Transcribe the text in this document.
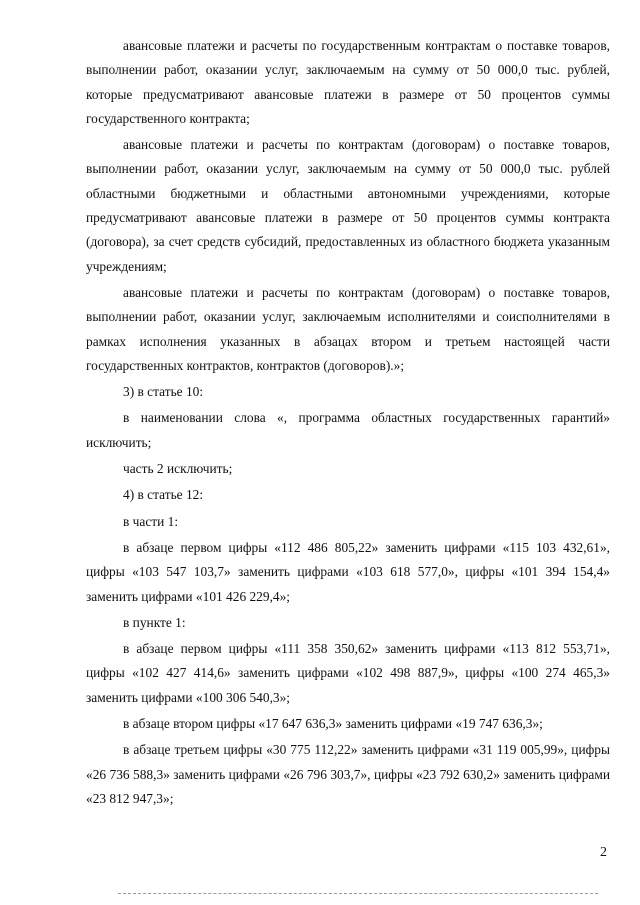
авансовые платежи и расчеты по государственным контрактам о поставке товаров, выполнении работ, оказании услуг, заключаемым на сумму от 50 000,0 тыс. рублей, которые предусматривают авансовые платежи в размере от 50 процентов суммы государственного контракта;

авансовые платежи и расчеты по контрактам (договорам) о поставке товаров, выполнении работ, оказании услуг, заключаемым на сумму от 50 000,0 тыс. рублей областными бюджетными и областными автономными учреждениями, которые предусматривают авансовые платежи в размере от 50 процентов суммы контракта (договора), за счет средств субсидий, предоставленных из областного бюджета указанным учреждениям;

авансовые платежи и расчеты по контрактам (договорам) о поставке товаров, выполнении работ, оказании услуг, заключаемым исполнителями и соисполнителями в рамках исполнения указанных в абзацах втором и третьем настоящей части государственных контрактов, контрактов (договоров).»;

3) в статье 10:

в наименовании слова «, программа областных государственных гарантий» исключить;

часть 2 исключить;

4) в статье 12:

в части 1:

в абзаце первом цифры «112 486 805,22» заменить цифрами «115 103 432,61», цифры «103 547 103,7» заменить цифрами «103 618 577,0», цифры «101 394 154,4» заменить цифрами «101 426 229,4»;

в пункте 1:

в абзаце первом цифры «111 358 350,62» заменить цифрами «113 812 553,71», цифры «102 427 414,6» заменить цифрами «102 498 887,9», цифры «100 274 465,3» заменить цифрами «100 306 540,3»;

в абзаце втором цифры «17 647 636,3» заменить цифрами «19 747 636,3»;

в абзаце третьем цифры «30 775 112,22» заменить цифрами «31 119 005,99», цифры «26 736 588,3» заменить цифрами «26 796 303,7», цифры «23 792 630,2» заменить цифрами «23 812 947,3»;

2
